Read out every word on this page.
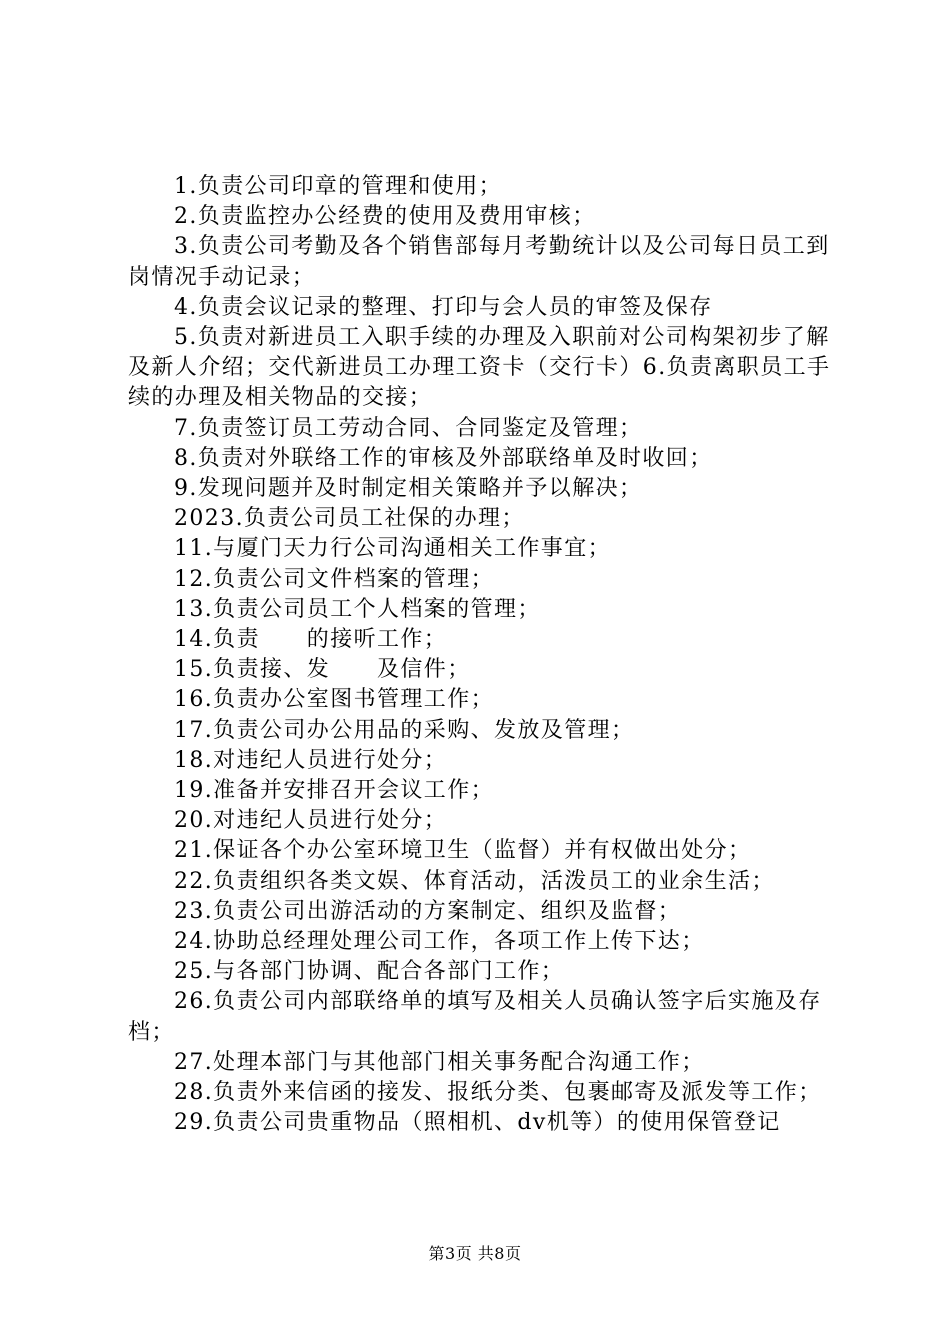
1.负责公司印章的管理和使用；

2.负责监控办公经费的使用及费用审核；

3.负责公司考勤及各个销售部每月考勤统计以及公司每日员工到岗情况手动记录；

4.负责会议记录的整理、打印与会人员的审签及保存

5.负责对新进员工入职手续的办理及入职前对公司构架初步了解及新人介绍；交代新进员工办理工资卡（交行卡）6.负责离职员工手续的办理及相关物品的交接；

7.负责签订员工劳动合同、合同鉴定及管理；

8.负责对外联络工作的审核及外部联络单及时收回；

9.发现问题并及时制定相关策略并予以解决；

2023.负责公司员工社保的办理；

11.与厦门天力行公司沟通相关工作事宜；

12.负责公司文件档案的管理；

13.负责公司员工个人档案的管理；

14.负责　　的接听工作；

15.负责接、发　　及信件；

16.负责办公室图书管理工作；

17.负责公司办公用品的采购、发放及管理；

18.对违纪人员进行处分；

19.准备并安排召开会议工作；

20.对违纪人员进行处分；

21.保证各个办公室环境卫生（监督）并有权做出处分；

22.负责组织各类文娱、体育活动，活泼员工的业余生活；

23.负责公司出游活动的方案制定、组织及监督；

24.协助总经理处理公司工作，各项工作上传下达；

25.与各部门协调、配合各部门工作；

26.负责公司内部联络单的填写及相关人员确认签字后实施及存档；

27.处理本部门与其他部门相关事务配合沟通工作；

28.负责外来信函的接发、报纸分类、包裹邮寄及派发等工作；

29.负责公司贵重物品（照相机、dv机等）的使用保管登记

第3页 共8页
